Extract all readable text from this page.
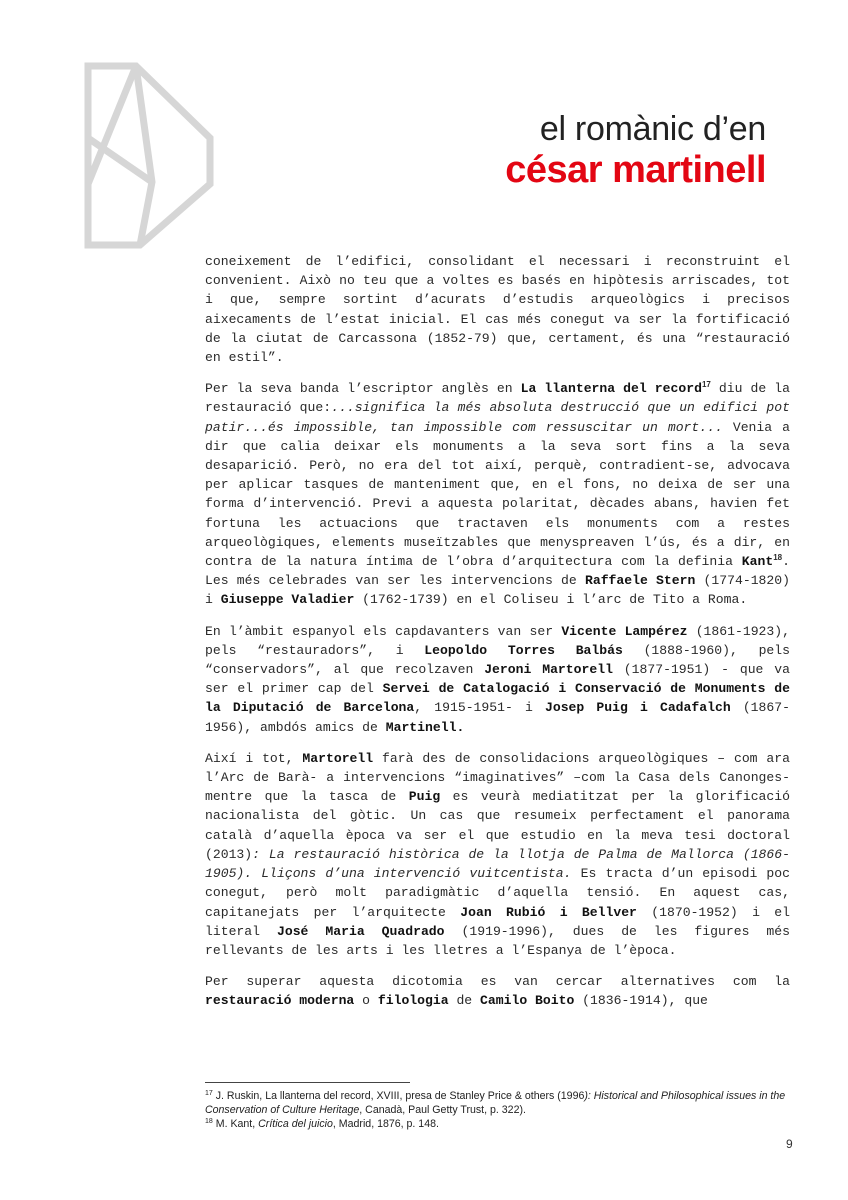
el romànic d’en
césar martinell

coneixement de l’edifici, consolidant el necessari i reconstruint el convenient. Això no teu que a voltes es basés en hipòtesis arriscades, tot i que, sempre sortint d’acurats d’estudis arqueològics i precisos aixecaments de l’estat inicial. El cas més conegut va ser la fortificació de la ciutat de Carcassona (1852-79) que, certament, és una “restauració en estil”.

Per la seva banda l’escriptor anglès en La llanterna del record$^{17}$ diu de la restauració que:...significa la més absoluta destrucció que un edifici pot patir...és impossible, tan impossible com ressuscitar un mort... Venia a dir que calia deixar els monuments a la seva sort fins a la seva desaparició. Però, no era del tot així, perquè, contradient-se, advocava per aplicar tasques de manteniment que, en el fons, no deixa de ser una forma d’intervenció. Previ a aquesta polaritat, dècades abans, havien fet fortuna les actuacions que tractaven els monuments com a restes arqueològiques, elements museïtzables que menyspreaven l’ús, és a dir, en contra de la natura íntima de l’obra d’arquitectura com la definia Kant$^{18}$. Les més celebrades van ser les intervencions de Raffaele Stern (1774-1820) i Giuseppe Valadier (1762-1739) en el Coliseu i l’arc de Tito a Roma.

En l’àmbit espanyol els capdavanters van ser Vicente Lampérez (1861-1923), pels “restauradors”, i Leopoldo Torres Balbás (1888-1960), pels “conservadors”, al que recolzaven Jeroni Martorell (1877-1951) - que va ser el primer cap del Servei de Catalogació i Conservació de Monuments de la Diputació de Barcelona, 1915-1951- i Josep Puig i Cadafalch (1867-1956), ambdós amics de Martinell.

Així i tot, Martorell farà des de consolidacions arqueològiques – com ara l’Arc de Barà- a intervencions “imaginatives” –com la Casa dels Canonges- mentre que la tasca de Puig es veurà mediatitzat per la glorificació nacionalista del gòtic. Un cas que resumeix perfectament el panorama català d’aquella època va ser el que estudio en la meva tesi doctoral (2013): La restauració històrica de la llotja de Palma de Mallorca (1866-1905). Lliçons d’una intervenció vuitcentista. Es tracta d’un episodi poc conegut, però molt paradigmàtic d’aquella tensió. En aquest cas, capitanejats per l’arquitecte Joan Rubió i Bellver (1870-1952) i el literal José Maria Quadrado (1919-1996), dues de les figures més rellevants de les arts i les lletres a l’Espanya de l’època.

Per superar aquesta dicotomia es van cercar alternatives com la restauració moderna o filologia de Camilo Boito (1836-1914), que

$^{17}$ J. Ruskin, La llanterna del record, XVIII, presa de Stanley Price & others (1996): Historical and Philosophical issues in the Conservation of Culture Heritage, Canadà, Paul Getty Trust, p. 322).

$^{18}$ M. Kant, Crítica del juicio, Madrid, 1876, p. 148.

9
